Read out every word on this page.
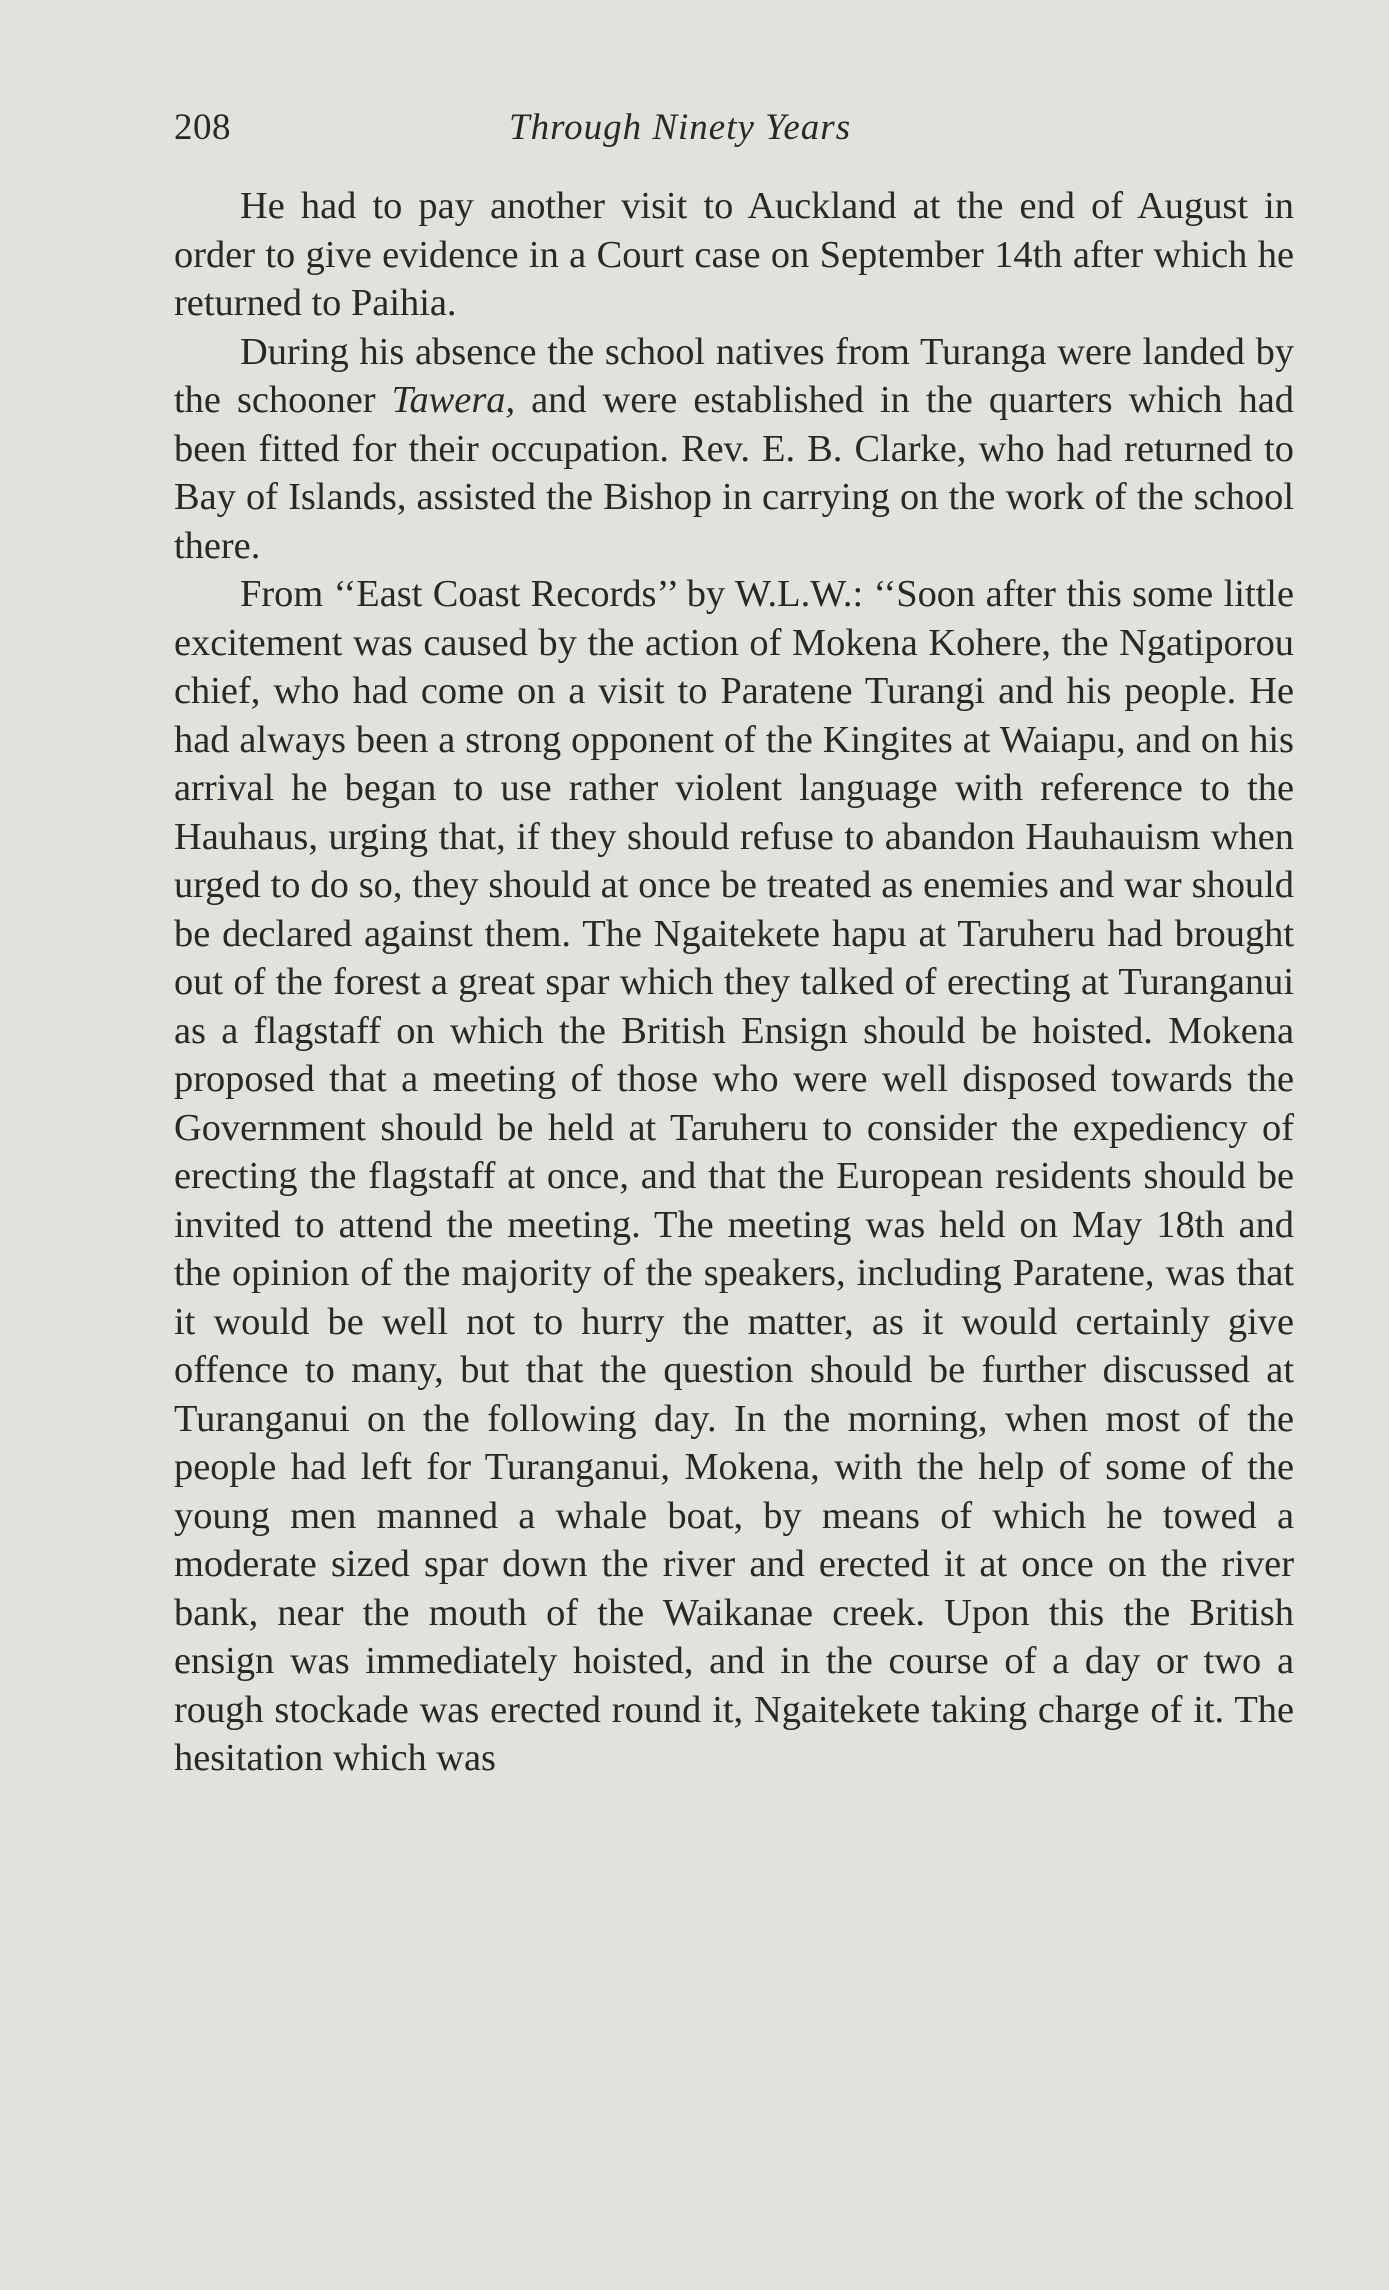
208	Through Ninety Years

He had to pay another visit to Auckland at the end of August in order to give evidence in a Court case on September 14th after which he returned to Paihia.

During his absence the school natives from Turanga were landed by the schooner Tawera, and were established in the quarters which had been fitted for their occupation. Rev. E. B. Clarke, who had returned to Bay of Islands, assisted the Bishop in carrying on the work of the school there.

From ‘‘East Coast Records’’ by W.L.W.: ‘‘Soon after this some little excitement was caused by the action of Mokena Kohere, the Ngatiporou chief, who had come on a visit to Paratene Turangi and his people. He had always been a strong opponent of the Kingites at Waiapu, and on his arrival he began to use rather violent language with reference to the Hauhaus, urging that, if they should refuse to abandon Hauhauism when urged to do so, they should at once be treated as enemies and war should be declared against them. The Ngaitekete hapu at Taruheru had brought out of the forest a great spar which they talked of erecting at Turanganui as a flagstaff on which the British Ensign should be hoisted. Mokena proposed that a meeting of those who were well disposed towards the Government should be held at Taruheru to consider the expediency of erecting the flagstaff at once, and that the European residents should be invited to attend the meeting. The meeting was held on May 18th and the opinion of the majority of the speakers, including Paratene, was that it would be well not to hurry the matter, as it would certainly give offence to many, but that the question should be further discussed at Turanganui on the following day. In the morning, when most of the people had left for Turanganui, Mokena, with the help of some of the young men manned a whale boat, by means of which he towed a moderate sized spar down the river and erected it at once on the river bank, near the mouth of the Waikanae creek. Upon this the British ensign was immediately hoisted, and in the course of a day or two a rough stockade was erected round it, Ngaitekete taking charge of it. The hesitation which was
